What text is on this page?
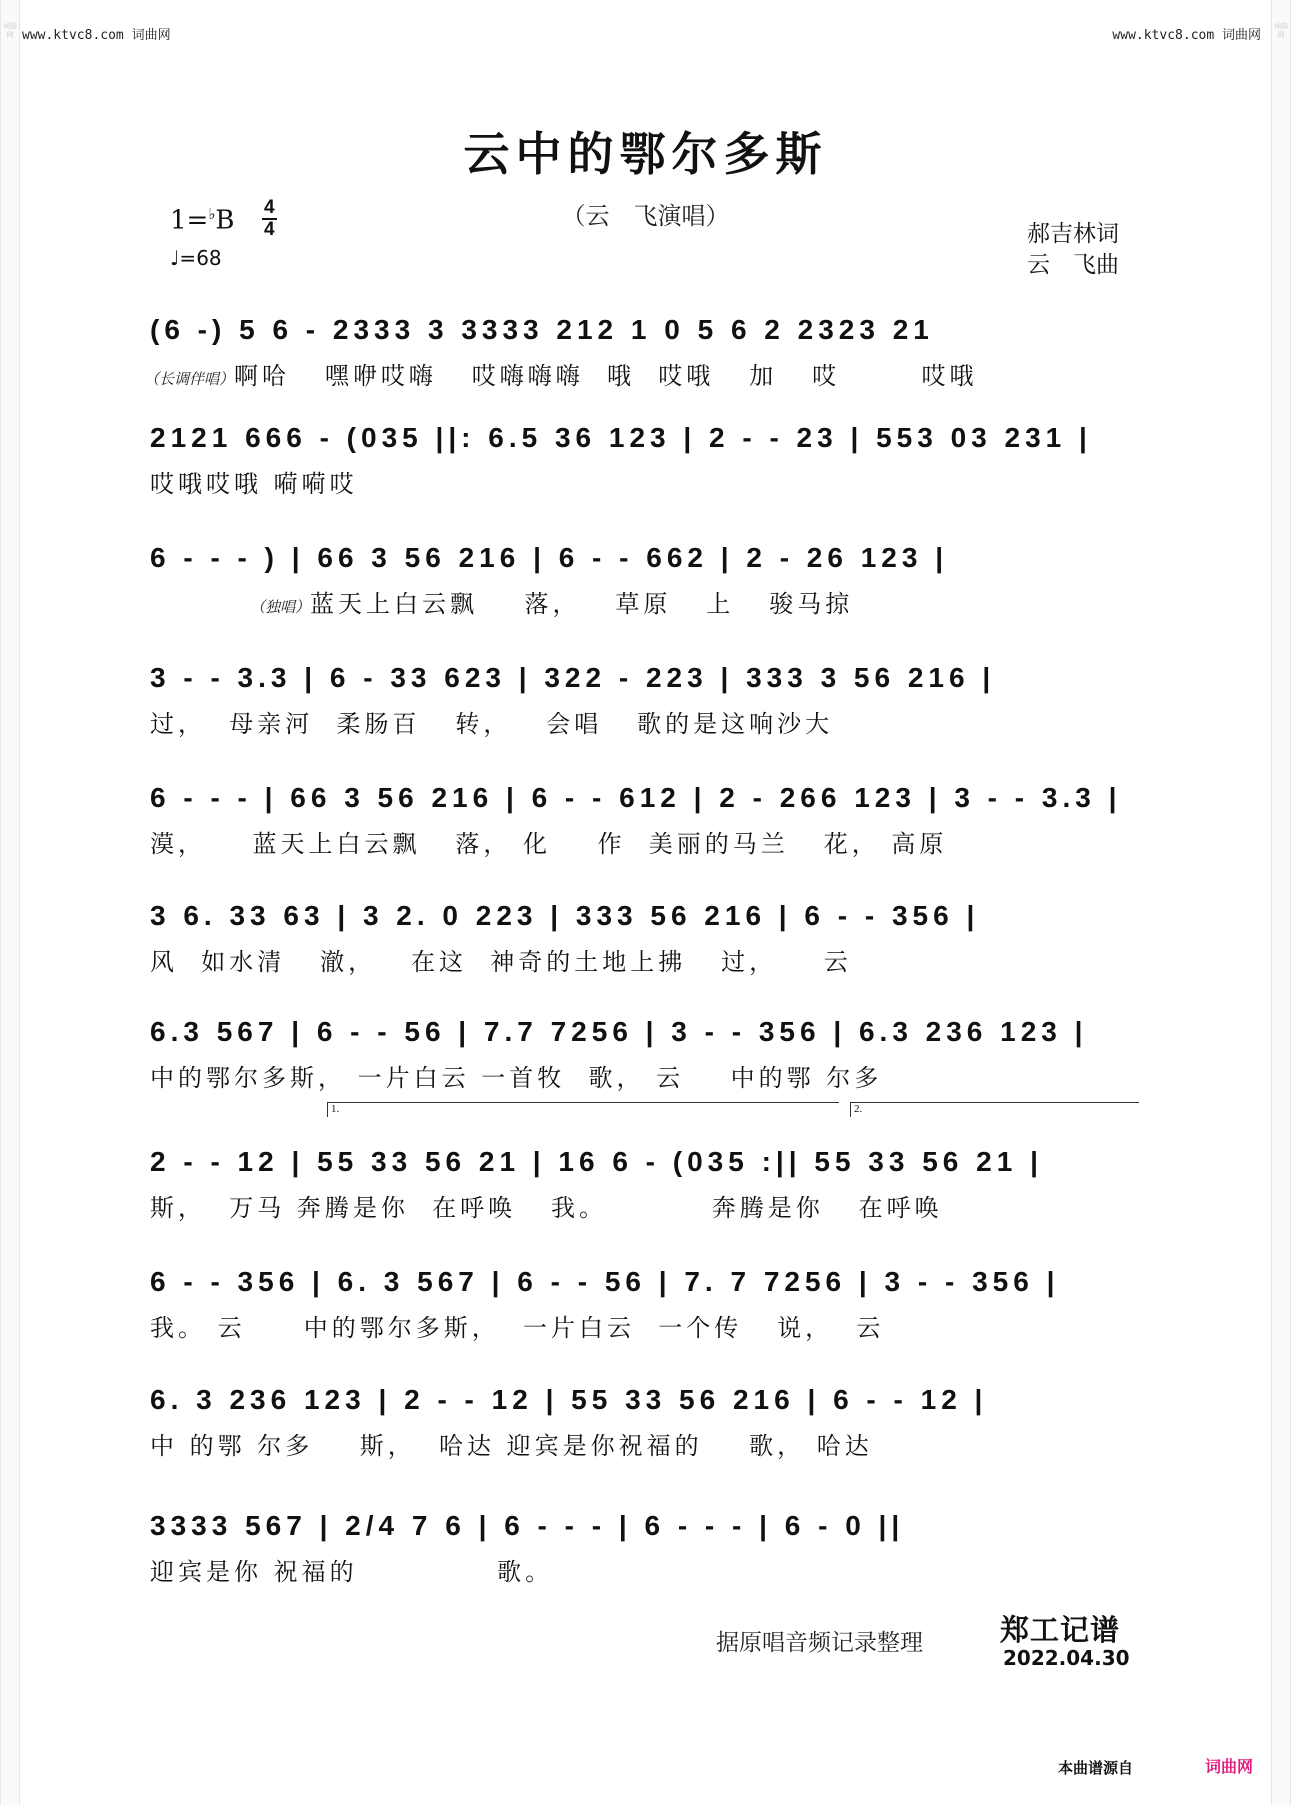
词曲网
词曲网
www.ktvc8.com 词曲网	www.ktvc8.com 词曲网
云中的鄂尔多斯
（云　飞演唱）
1=♭B 4
4
♩=68
郝吉林词
云　飞曲
(6 -) 5 6 - 2333 3 3333 212 1 0 5 6 2 2323 21
（长调伴唱）啊哈   嘿咿哎嗨   哎嗨嗨嗨  哦  哎哦   加   哎       哎哦
2121 666 - (035 ||: 6.5 36 123 | 2 - - 23 | 553 03 231 |
哎哦哎哦 嗬嗬哎
6 - - - ) | 66 3 56 216 | 6 - - 662 | 2 - 26 123 |
（独唱）蓝天上白云飘    落，   草原   上   骏马掠
3 - - 3.3 | 6 - 33 623 | 322 - 223 | 333 3 56 216 |
过，  母亲河  柔肠百   转，   会唱   歌的是这响沙大
6 - - - | 66 3 56 216 | 6 - - 612 | 2 - 266 123 | 3 - - 3.3 |
漠，    蓝天上白云飘   落， 化    作  美丽的马兰   花， 高原
3 6. 33 63 | 3 2. 0 223 | 333 56 216 | 6 - - 356 |
风  如水清   澈，   在这  神奇的土地上拂   过，    云
6.3 567 | 6 - - 56 | 7.7 7256 | 3 - - 356 | 6.3 236 123 |
中的鄂尔多斯， 一片白云 一首牧  歌， 云    中的鄂 尔多
1.	2.
2 - - 12 | 55 33 56 21 | 16 6 - (035 :|| 55 33 56 21 |
斯，  万马 奔腾是你  在呼唤   我。         奔腾是你   在呼唤
6 - - 356 | 6. 3 567 | 6 - - 56 | 7. 7 7256 | 3 - - 356 |
我。 云     中的鄂尔多斯，  一片白云  一个传   说，  云
6. 3 236 123 | 2 - - 12 | 55 33 56 216 | 6 - - 12 |
中 的鄂 尔多    斯，  哈达 迎宾是你祝福的    歌， 哈达
3333 567 | 2/4 7 6 | 6 - - - | 6 - - - | 6 - 0 ||
迎宾是你 祝福的            歌。
据原唱音频记录整理	郑工记谱
2022.04.30
本曲谱源自	词曲网
